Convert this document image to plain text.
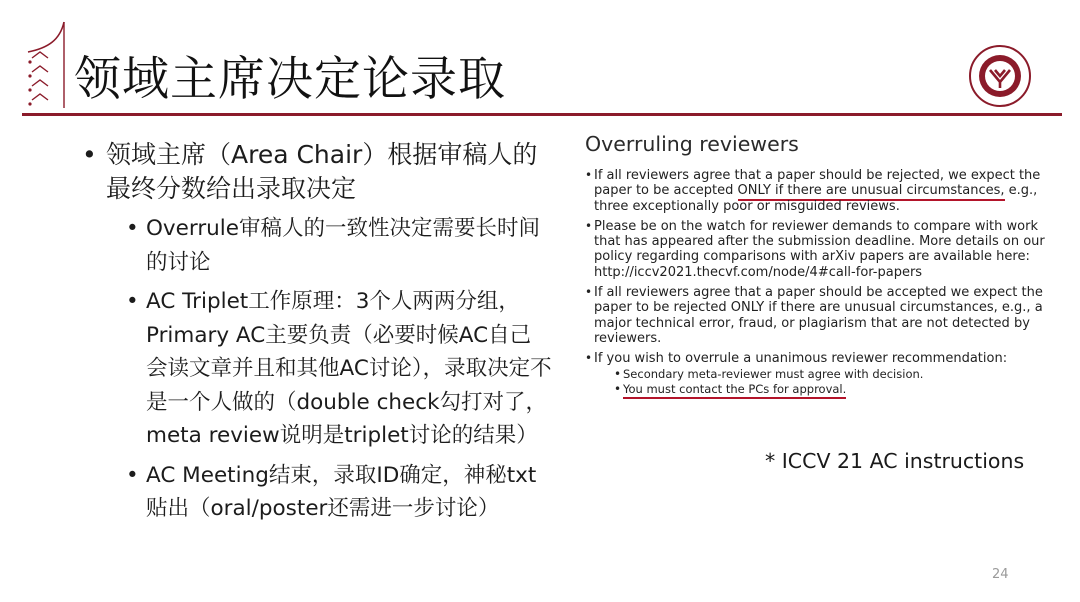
领域主席决定论录取
• 领域主席（Area Chair）根据审稿人的最终分数给出录取决定
• Overrule审稿人的一致性决定需要长时间的讨论
• AC Triplet工作原理：3个人两两分组，Primary AC主要负责（必要时候AC自己会读文章并且和其他AC讨论），录取决定不是一个人做的（double check勾打对了，meta review说明是triplet讨论的结果）
• AC Meeting结束，录取ID确定，神秘txt贴出（oral/poster还需进一步讨论）
Overruling reviewers
• If all reviewers agree that a paper should be rejected, we expect the paper to be accepted ONLY if there are unusual circumstances, e.g., three exceptionally poor or misguided reviews.
• Please be on the watch for reviewer demands to compare with work that has appeared after the submission deadline. More details on our policy regarding comparisons with arXiv papers are available here: http://iccv2021.thecvf.com/node/4#call-for-papers
• If all reviewers agree that a paper should be accepted we expect the paper to be rejected ONLY if there are unusual circumstances, e.g., a major technical error, fraud, or plagiarism that are not detected by reviewers.
• If you wish to overrule a unanimous reviewer recommendation:
• Secondary meta-reviewer must agree with decision.
• You must contact the PCs for approval.
* ICCV 21 AC instructions
24
